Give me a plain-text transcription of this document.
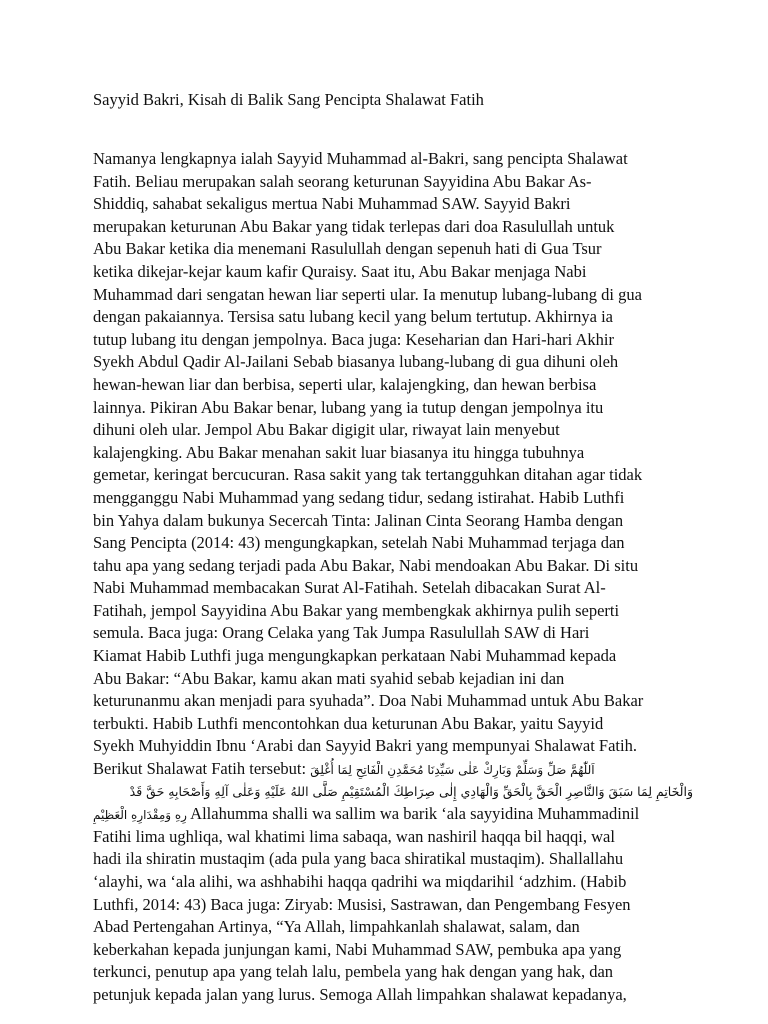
Sayyid Bakri, Kisah di Balik Sang Pencipta Shalawat Fatih
Namanya lengkapnya ialah Sayyid Muhammad al-Bakri, sang pencipta Shalawat
Fatih. Beliau merupakan salah seorang keturunan Sayyidina Abu Bakar As-
Shiddiq, sahabat sekaligus mertua Nabi Muhammad SAW. Sayyid Bakri
merupakan keturunan Abu Bakar yang tidak terlepas dari doa Rasulullah untuk
Abu Bakar ketika dia menemani Rasulullah dengan sepenuh hati di Gua Tsur
ketika dikejar-kejar kaum kafir Quraisy. Saat itu, Abu Bakar menjaga Nabi
Muhammad dari sengatan hewan liar seperti ular. Ia menutup lubang-lubang di gua
dengan pakaiannya. Tersisa satu lubang kecil yang belum tertutup. Akhirnya ia
tutup lubang itu dengan jempolnya. Baca juga: Keseharian dan Hari-hari Akhir
Syekh Abdul Qadir Al-Jailani Sebab biasanya lubang-lubang di gua dihuni oleh
hewan-hewan liar dan berbisa, seperti ular, kalajengking, dan hewan berbisa
lainnya. Pikiran Abu Bakar benar, lubang yang ia tutup dengan jempolnya itu
dihuni oleh ular. Jempol Abu Bakar digigit ular, riwayat lain menyebut
kalajengking. Abu Bakar menahan sakit luar biasanya itu hingga tubuhnya
gemetar, keringat bercucuran. Rasa sakit yang tak tertangguhkan ditahan agar tidak
mengganggu Nabi Muhammad yang sedang tidur, sedang istirahat. Habib Luthfi
bin Yahya dalam bukunya Secercah Tinta: Jalinan Cinta Seorang Hamba dengan
Sang Pencipta (2014: 43) mengungkapkan, setelah Nabi Muhammad terjaga dan
tahu apa yang sedang terjadi pada Abu Bakar, Nabi mendoakan Abu Bakar. Di situ
Nabi Muhammad membacakan Surat Al-Fatihah. Setelah dibacakan Surat Al-
Fatihah, jempol Sayyidina Abu Bakar yang membengkak akhirnya pulih seperti
semula. Baca juga: Orang Celaka yang Tak Jumpa Rasulullah SAW di Hari
Kiamat Habib Luthfi juga mengungkapkan perkataan Nabi Muhammad kepada
Abu Bakar: “Abu Bakar, kamu akan mati syahid sebab kejadian ini dan
keturunanmu akan menjadi para syuhada”. Doa Nabi Muhammad untuk Abu Bakar
terbukti. Habib Luthfi mencontohkan dua keturunan Abu Bakar, yaitu Sayyid
Syekh Muhyiddin Ibnu ‘Arabi dan Sayyid Bakri yang mempunyai Shalawat Fatih.
Berikut Shalawat Fatih tersebut: اَللّٰهُمَّ صَلِّ وَسَلِّمْ وَبَارِكْ عَلٰى سَيِّدِنَا مُحَمَّدِنِ الْفَاتِحِ لِمَا أُغْلِقَ
وَالْخَاتِمِ لِمَا سَبَقَ وَالنَّاصِرِ الْحَقَّ بِالْحَقِّ وَالْهَادِي إِلٰى صِرَاطِكَ الْمُسْتَقِيْمِ صَلَّى اللهُ عَلَيْهِ وَعَلٰى آلِهِ وَأَصْحَابِهِ حَقَّ قَدْ
رِهِ وَمِقْدَارِهِ الْعَظِيْمِ Allahumma shalli wa sallim wa barik ‘ala sayyidina Muhammadinil
Fatihi lima ughliqa, wal khatimi lima sabaqa, wan nashiril haqqa bil haqqi, wal
hadi ila shiratin mustaqim (ada pula yang baca shiratikal mustaqim). Shallallahu
‘alayhi, wa ‘ala alihi, wa ashhabihi haqqa qadrihi wa miqdarihil ‘adzhim. (Habib
Luthfi, 2014: 43) Baca juga: Ziryab: Musisi, Sastrawan, dan Pengembang Fesyen
Abad Pertengahan Artinya, “Ya Allah, limpahkanlah shalawat, salam, dan
keberkahan kepada junjungan kami, Nabi Muhammad SAW, pembuka apa yang
terkunci, penutup apa yang telah lalu, pembela yang hak dengan yang hak, dan
petunjuk kepada jalan yang lurus. Semoga Allah limpahkan shalawat kepadanya,
